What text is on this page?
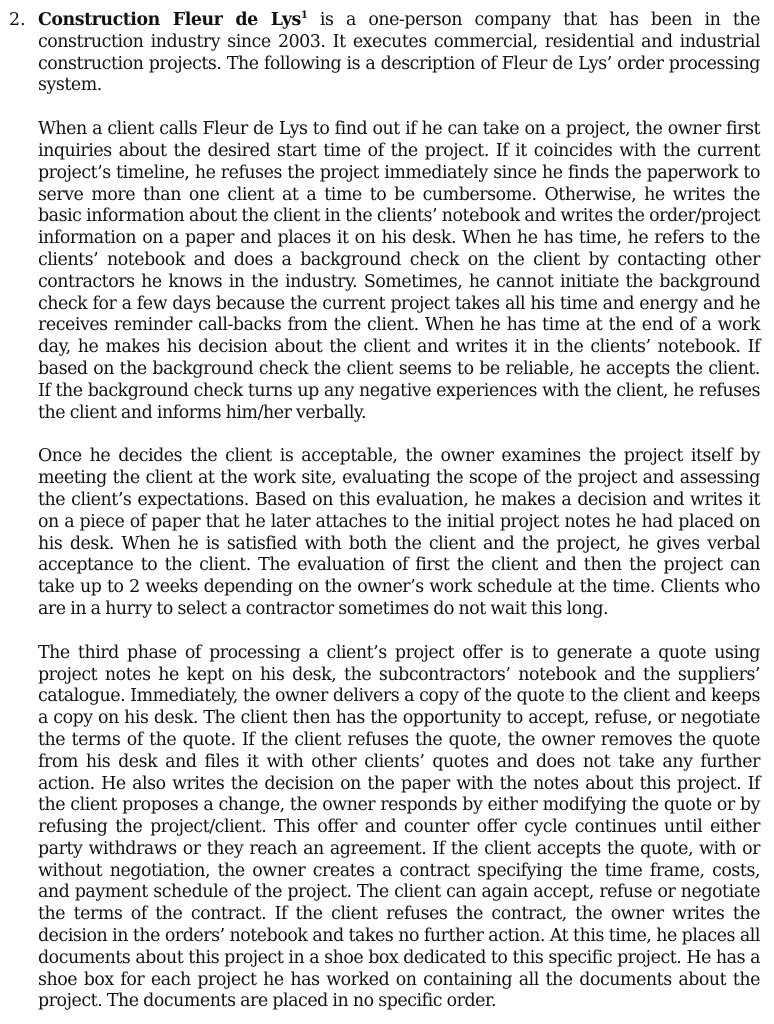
2. Construction Fleur de Lys$^1$ is a one-person company that has been in the construction industry since 2003. It executes commercial, residential and industrial construction projects. The following is a description of Fleur de Lys’ order processing system.

When a client calls Fleur de Lys to find out if he can take on a project, the owner first inquiries about the desired start time of the project. If it coincides with the current project’s timeline, he refuses the project immediately since he finds the paperwork to serve more than one client at a time to be cumbersome. Otherwise, he writes the basic information about the client in the clients’ notebook and writes the order/project information on a paper and places it on his desk. When he has time, he refers to the clients’ notebook and does a background check on the client by contacting other contractors he knows in the industry. Sometimes, he cannot initiate the background check for a few days because the current project takes all his time and energy and he receives reminder call-backs from the client. When he has time at the end of a work day, he makes his decision about the client and writes it in the clients’ notebook. If based on the background check the client seems to be reliable, he accepts the client. If the background check turns up any negative experiences with the client, he refuses the client and informs him/her verbally.

Once he decides the client is acceptable, the owner examines the project itself by meeting the client at the work site, evaluating the scope of the project and assessing the client’s expectations. Based on this evaluation, he makes a decision and writes it on a piece of paper that he later attaches to the initial project notes he had placed on his desk. When he is satisfied with both the client and the project, he gives verbal acceptance to the client. The evaluation of first the client and then the project can take up to 2 weeks depending on the owner’s work schedule at the time. Clients who are in a hurry to select a contractor sometimes do not wait this long.

The third phase of processing a client’s project offer is to generate a quote using project notes he kept on his desk, the subcontractors’ notebook and the suppliers’ catalogue. Immediately, the owner delivers a copy of the quote to the client and keeps a copy on his desk. The client then has the opportunity to accept, refuse, or negotiate the terms of the quote. If the client refuses the quote, the owner removes the quote from his desk and files it with other clients’ quotes and does not take any further action. He also writes the decision on the paper with the notes about this project. If the client proposes a change, the owner responds by either modifying the quote or by refusing the project/client. This offer and counter offer cycle continues until either party withdraws or they reach an agreement. If the client accepts the quote, with or without negotiation, the owner creates a contract specifying the time frame, costs, and payment schedule of the project. The client can again accept, refuse or negotiate the terms of the contract. If the client refuses the contract, the owner writes the decision in the orders’ notebook and takes no further action. At this time, he places all documents about this project in a shoe box dedicated to this specific project. He has a shoe box for each project he has worked on containing all the documents about the project. The documents are placed in no specific order.
